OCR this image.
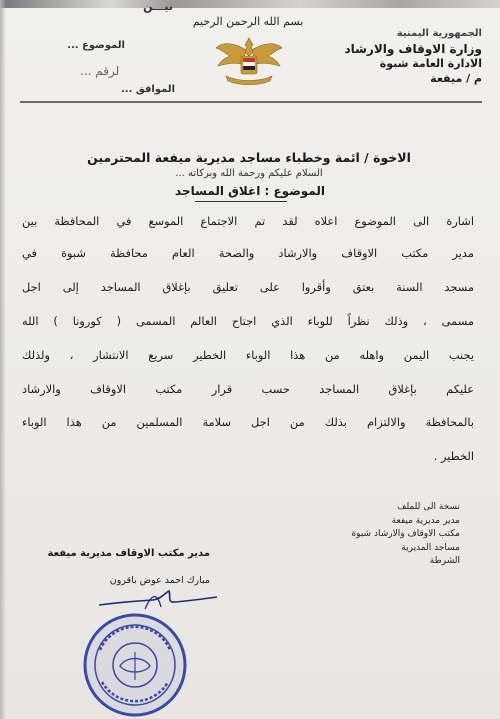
نيـــن
بسم الله الرحمن الرحيم
الجمهورية اليمنية
وزارة الاوقاف والارشاد
الادارة العامة شبوة
م / ميفعة
الموضوع ...
لرقم ...
الموافق ...
الاخوة / ائمة وخطباء مساجد مديرية ميفعة المحترمين
السلام عليكم ورحمة الله وبركاته ...
الموضوع : اغلاق المساجد
اشارة الى الموضوع اعلاه لقد تم الاجتماع الموسع في المحافظة بين
مدير مكتب الاوقاف والارشاد والصحة العام محافظة شبوة في
مسجد السنة بعتق وأقروا على تعليق بإغلاق المساجد إلى اجل
مسمى ، وذلك نظراً للوباء الذي اجتاح العالم المسمى ( كورونا ) الله
يجنب اليمن واهله من هذا الوباء الخطير سريع الانتشار ، ولذلك
عليكم بإغلاق المساجد حسب قرار مكتب الاوقاف والارشاد
بالمحافظة والالتزام بذلك من اجل سلامة المسلمين من هذا الوباء
الخطير .
نسخة الى للملف
مدير مديرية ميفعة
مكتب الاوقاف والارشاد شبوة
مساجد المديرية
الشرطة
مدير مكتب الاوقاف مديرية ميفعة
مبارك احمد عوض باقرون
